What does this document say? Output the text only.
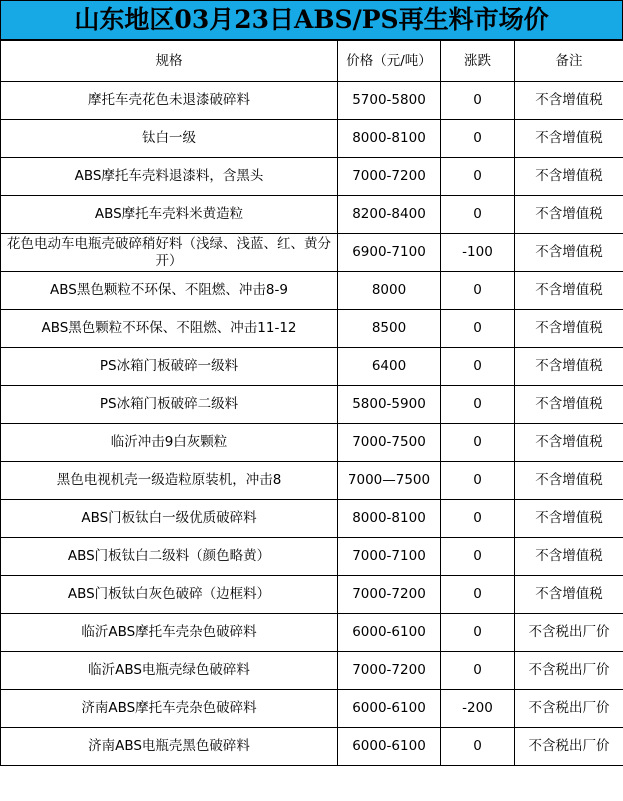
山东地区03月23日ABS/PS再生料市场价
规格	价格（元/吨）	涨跌	备注
摩托车壳花色未退漆破碎料	5700-5800	0	不含增值税
钛白一级	8000-8100	0	不含增值税
ABS摩托车壳料退漆料，含黑头	7000-7200	0	不含增值税
ABS摩托车壳料米黄造粒	8200-8400	0	不含增值税
花色电动车电瓶壳破碎稍好料（浅绿、浅蓝、红、黄分开）	6900-7100	-100	不含增值税
ABS黑色颗粒不环保、不阻燃、冲击8-9	8000	0	不含增值税
ABS黑色颗粒不环保、不阻燃、冲击11-12	8500	0	不含增值税
PS冰箱门板破碎一级料	6400	0	不含增值税
PS冰箱门板破碎二级料	5800-5900	0	不含增值税
临沂冲击9白灰颗粒	7000-7500	0	不含增值税
黑色电视机壳一级造粒原装机，冲击8	7000—7500	0	不含增值税
ABS门板钛白一级优质破碎料	8000-8100	0	不含增值税
ABS门板钛白二级料（颜色略黄）	7000-7100	0	不含增值税
ABS门板钛白灰色破碎（边框料）	7000-7200	0	不含增值税
临沂ABS摩托车壳杂色破碎料	6000-6100	0	不含税出厂价
临沂ABS电瓶壳绿色破碎料	7000-7200	0	不含税出厂价
济南ABS摩托车壳杂色破碎料	6000-6100	-200	不含税出厂价
济南ABS电瓶壳黑色破碎料	6000-6100	0	不含税出厂价
